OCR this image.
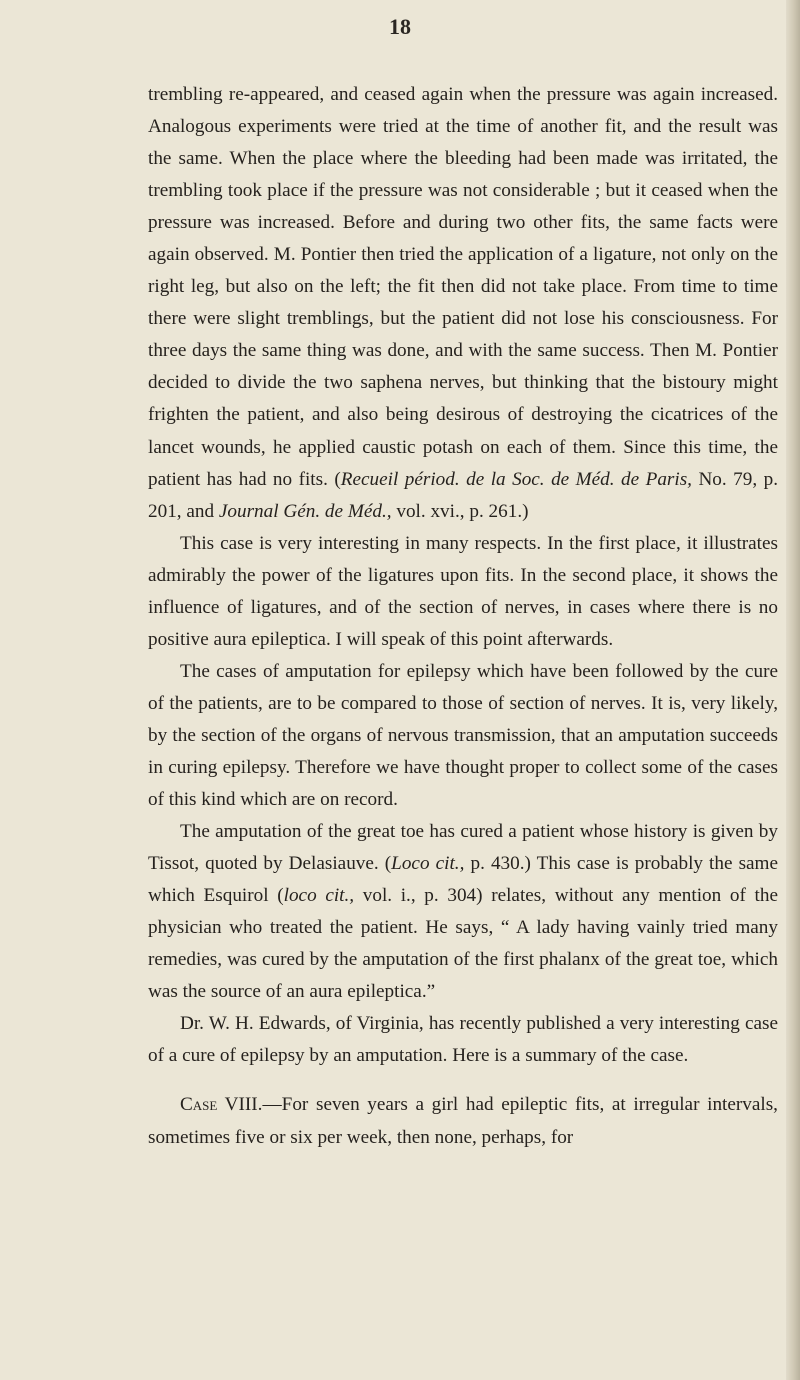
18

trembling re-appeared, and ceased again when the pressure was again increased. Analogous experiments were tried at the time of another fit, and the result was the same. When the place where the bleeding had been made was irritated, the trembling took place if the pressure was not considerable ; but it ceased when the pressure was increased. Before and during two other fits, the same facts were again observed. M. Pontier then tried the application of a ligature, not only on the right leg, but also on the left; the fit then did not take place. From time to time there were slight tremblings, but the patient did not lose his consciousness. For three days the same thing was done, and with the same success. Then M. Pontier decided to divide the two saphena nerves, but thinking that the bistoury might frighten the patient, and also being desirous of destroying the cicatrices of the lancet wounds, he applied caustic potash on each of them. Since this time, the patient has had no fits. (Recueil périod. de la Soc. de Méd. de Paris, No. 79, p. 201, and Journal Gén. de Méd., vol. xvi., p. 261.)

This case is very interesting in many respects. In the first place, it illustrates admirably the power of the ligatures upon fits. In the second place, it shows the influence of ligatures, and of the section of nerves, in cases where there is no positive aura epileptica. I will speak of this point afterwards.

The cases of amputation for epilepsy which have been followed by the cure of the patients, are to be compared to those of section of nerves. It is, very likely, by the section of the organs of nervous transmission, that an amputation succeeds in curing epilepsy. Therefore we have thought proper to collect some of the cases of this kind which are on record.

The amputation of the great toe has cured a patient whose history is given by Tissot, quoted by Delasiauve. (Loco cit., p. 430.) This case is probably the same which Esquirol (loco cit., vol. i., p. 304) relates, without any mention of the physician who treated the patient. He says, “ A lady having vainly tried many remedies, was cured by the amputation of the first phalanx of the great toe, which was the source of an aura epileptica.”

Dr. W. H. Edwards, of Virginia, has recently published a very interesting case of a cure of epilepsy by an amputation. Here is a summary of the case.

Case VIII.—For seven years a girl had epileptic fits, at irregular intervals, sometimes five or six per week, then none, perhaps, for
